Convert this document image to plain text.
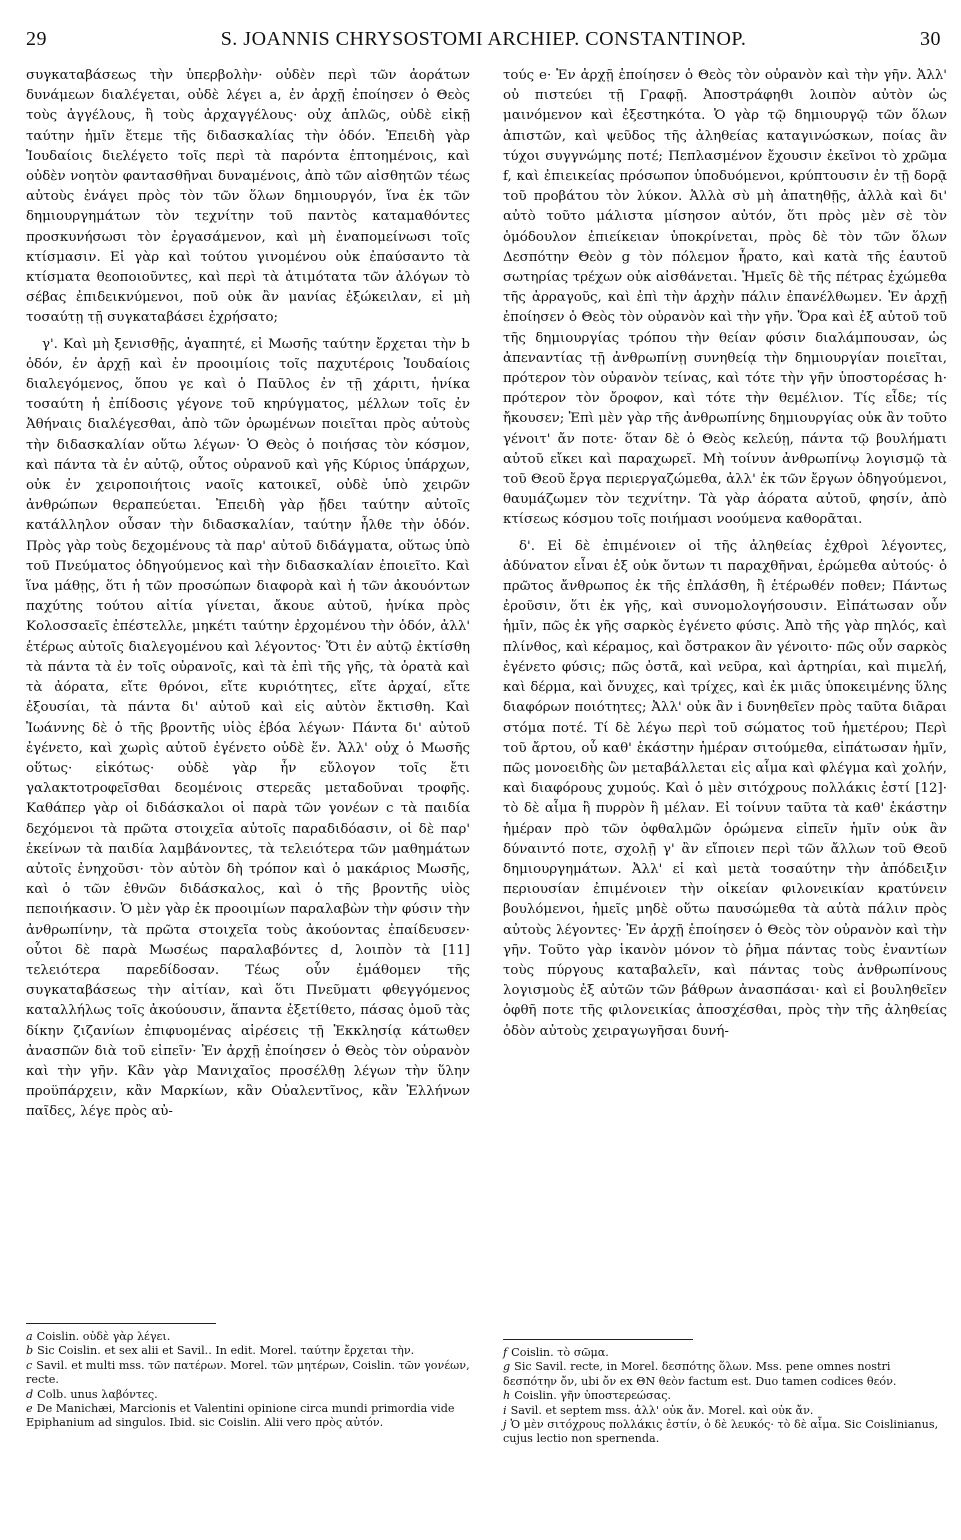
29	S. JOANNIS CHRYSOSTOMI ARCHIEP. CONSTANTINOP.	30

συγκαταβάσεως τὴν ὑπερβολὴν· οὐδὲν περὶ τῶν ἀοράτων δυνάμεων διαλέγεται, οὐδὲ λέγει a, ἐν ἀρχῇ ἐποίησεν ὁ Θεὸς τοὺς ἀγγέλους, ἢ τοὺς ἀρχαγγέλους· οὐχ ἁπλῶς, οὐδὲ εἰκῇ ταύτην ἡμῖν ἔτεμε τῆς διδασκαλίας τὴν ὁδόν. Ἐπειδὴ γὰρ Ἰουδαίοις διελέγετο τοῖς περὶ τὰ παρόντα ἐπτοημένοις, καὶ οὐδὲν νοητὸν φαντασθῆναι δυναμένοις, ἀπὸ τῶν αἰσθητῶν τέως αὐτοὺς ἐνάγει πρὸς τὸν τῶν ὅλων δημιουργόν, ἵνα ἐκ τῶν δημιουργημάτων τὸν τεχνίτην τοῦ παντὸς καταμαθόντες προσκυνήσωσι τὸν ἐργασάμενον, καὶ μὴ ἐναπομείνωσι τοῖς κτίσμασιν. Εἰ γὰρ καὶ τούτου γινομένου οὐκ ἐπαύσαντο τὰ κτίσματα θεοποιοῦντες, καὶ περὶ τὰ ἀτιμότατα τῶν ἀλόγων τὸ σέβας ἐπιδεικνύμενοι, ποῦ οὐκ ἂν μανίας ἐξώκειλαν, εἰ μὴ τοσαύτῃ τῇ συγκαταβάσει ἐχρήσατο;

γ'. Καὶ μὴ ξενισθῇς, ἀγαπητέ, εἰ Μωσῆς ταύτην ἔρχεται τὴν b ὁδόν, ἐν ἀρχῇ καὶ ἐν προοιμίοις τοῖς παχυτέροις Ἰουδαίοις διαλεγόμενος, ὅπου γε καὶ ὁ Παῦλος ἐν τῇ χάριτι, ἡνίκα τοσαύτη ἡ ἐπίδοσις γέγονε τοῦ κηρύγματος, μέλλων τοῖς ἐν Ἀθήναις διαλέγεσθαι, ἀπὸ τῶν ὁρωμένων ποιεῖται πρὸς αὐτοὺς τὴν διδασκαλίαν οὕτω λέγων· Ὁ Θεὸς ὁ ποιήσας τὸν κόσμον, καὶ πάντα τὰ ἐν αὐτῷ, οὗτος οὐρανοῦ καὶ γῆς Κύριος ὑπάρχων, οὐκ ἐν χειροποιήτοις ναοῖς κατοικεῖ, οὐδὲ ὑπὸ χειρῶν ἀνθρώπων θεραπεύεται. Ἐπειδὴ γὰρ ᾔδει ταύτην αὐτοῖς κατάλληλον οὖσαν τὴν διδασκαλίαν, ταύτην ἦλθε τὴν ὁδόν. Πρὸς γὰρ τοὺς δεχομένους τὰ παρ' αὐτοῦ διδάγματα, οὕτως ὑπὸ τοῦ Πνεύματος ὁδηγούμενος καὶ τὴν διδασκαλίαν ἐποιεῖτο. Καὶ ἵνα μάθῃς, ὅτι ἡ τῶν προσώπων διαφορὰ καὶ ἡ τῶν ἀκουόντων παχύτης τούτου αἰτία γίνεται, ἄκουε αὐτοῦ, ἡνίκα πρὸς Κολοσσαεῖς ἐπέστελλε, μηκέτι ταύτην ἐρχομένου τὴν ὁδόν, ἀλλ' ἑτέρως αὐτοῖς διαλεγομένου καὶ λέγοντος· Ὅτι ἐν αὐτῷ ἐκτίσθη τὰ πάντα τὰ ἐν τοῖς οὐρανοῖς, καὶ τὰ ἐπὶ τῆς γῆς, τὰ ὁρατὰ καὶ τὰ ἀόρατα, εἴτε θρόνοι, εἴτε κυριότητες, εἴτε ἀρχαί, εἴτε ἐξουσίαι, τὰ πάντα δι' αὐτοῦ καὶ εἰς αὐτὸν ἔκτισθη. Καὶ Ἰωάννης δὲ ὁ τῆς βροντῆς υἱὸς ἐβόα λέγων· Πάντα δι' αὐτοῦ ἐγένετο, καὶ χωρὶς αὐτοῦ ἐγένετο οὐδὲ ἕν. Ἀλλ' οὐχ ὁ Μωσῆς οὕτως· εἰκότως· οὐδὲ γὰρ ἦν εὔλογον τοῖς ἔτι γαλακτοτροφεῖσθαι δεομένοις στερεᾶς μεταδοῦναι τροφῆς. Καθάπερ γὰρ οἱ διδάσκαλοι οἱ παρὰ τῶν γονέων c τὰ παιδία δεχόμενοι τὰ πρῶτα στοιχεῖα αὐτοῖς παραδιδόασιν, οἱ δὲ παρ' ἐκείνων τὰ παιδία λαμβάνοντες, τὰ τελειότερα τῶν μαθημάτων αὐτοῖς ἐνηχοῦσι· τὸν αὐτὸν δὴ τρόπον καὶ ὁ μακάριος Μωσῆς, καὶ ὁ τῶν ἐθνῶν διδάσκαλος, καὶ ὁ τῆς βροντῆς υἱὸς πεποιήκασιν. Ὁ μὲν γὰρ ἐκ προοιμίων παραλαβὼν τὴν φύσιν τὴν ἀνθρωπίνην, τὰ πρῶτα στοιχεῖα τοὺς ἀκούοντας ἐπαίδευσεν· οὗτοι δὲ παρὰ Μωσέως παραλαβόντες d, λοιπὸν τὰ [11] τελειότερα παρεδίδοσαν. Τέως οὖν ἐμάθομεν τῆς συγκαταβάσεως τὴν αἰτίαν, καὶ ὅτι Πνεῦματι φθεγγόμενος καταλλήλως τοῖς ἀκούουσιν, ἅπαντα ἐξετίθετο, πάσας ὁμοῦ τὰς δίκην ζιζανίων ἐπιφυομένας αἱρέσεις τῇ Ἐκκλησίᾳ κάτωθεν ἀνασπῶν διὰ τοῦ εἰπεῖν· Ἐν ἀρχῇ ἐποίησεν ὁ Θεὸς τὸν οὐρανὸν καὶ τὴν γῆν. Κἂν γὰρ Μανιχαῖος προσέλθῃ λέγων τὴν ὕλην προϋπάρχειν, κἂν Μαρκίων, κἂν Οὐαλεντῖνος, κἂν Ἑλλήνων παῖδες, λέγε πρὸς αὐ-

τούς e· Ἐν ἀρχῇ ἐποίησεν ὁ Θεὸς τὸν οὐρανὸν καὶ τὴν γῆν. Ἀλλ' οὐ πιστεύει τῇ Γραφῇ. Ἀποστράφηθι λοιπὸν αὐτὸν ὡς μαινόμενον καὶ ἐξεστηκότα. Ὁ γὰρ τῷ δημιουργῷ τῶν ὅλων ἀπιστῶν, καὶ ψεῦδος τῆς ἀληθείας καταγινώσκων, ποίας ἂν τύχοι συγγνώμης ποτέ; Πεπλασμένον ἔχουσιν ἐκεῖνοι τὸ χρῶμα f, καὶ ἐπιεικείας πρόσωπον ὑποδυόμενοι, κρύπτουσιν ἐν τῇ δορᾷ τοῦ προβάτου τὸν λύκον. Ἀλλὰ σὺ μὴ ἀπατηθῇς, ἀλλὰ καὶ δι' αὐτὸ τοῦτο μάλιστα μίσησον αὐτόν, ὅτι πρὸς μὲν σὲ τὸν ὁμόδουλον ἐπιείκειαν ὑποκρίνεται, πρὸς δὲ τὸν τῶν ὅλων Δεσπότην Θεὸν g τὸν πόλεμον ἦρατο, καὶ κατὰ τῆς ἑαυτοῦ σωτηρίας τρέχων οὐκ αἰσθάνεται. Ἡμεῖς δὲ τῆς πέτρας ἐχώμεθα τῆς ἀρραγοῦς, καὶ ἐπὶ τὴν ἀρχὴν πάλιν ἐπανέλθωμεν. Ἐν ἀρχῇ ἐποίησεν ὁ Θεὸς τὸν οὐρανὸν καὶ τὴν γῆν. Ὅρα καὶ ἐξ αὐτοῦ τοῦ τῆς δημιουργίας τρόπου τὴν θείαν φύσιν διαλάμπουσαν, ὡς ἀπεναντίας τῇ ἀνθρωπίνῃ συνηθείᾳ τὴν δημιουργίαν ποιεῖται, πρότερον τὸν οὐρανὸν τείνας, καὶ τότε τὴν γῆν ὑποστορέσας h· πρότερον τὸν ὄροφον, καὶ τότε τὴν θεμέλιον. Τίς εἶδε; τίς ἤκουσεν; Ἐπὶ μὲν γὰρ τῆς ἀνθρωπίνης δημιουργίας οὐκ ἂν τοῦτο γένοιτ' ἄν ποτε· ὅταν δὲ ὁ Θεὸς κελεύῃ, πάντα τῷ βουλήματι αὐτοῦ εἴκει καὶ παραχωρεῖ. Μὴ τοίνυν ἀνθρωπίνῳ λογισμῷ τὰ τοῦ Θεοῦ ἔργα περιεργαζώμεθα, ἀλλ' ἐκ τῶν ἔργων ὁδηγούμενοι, θαυμάζωμεν τὸν τεχνίτην. Τὰ γὰρ ἀόρατα αὐτοῦ, φησίν, ἀπὸ κτίσεως κόσμου τοῖς ποιήμασι νοούμενα καθορᾶται.

δ'. Εἰ δὲ ἐπιμένοιεν οἱ τῆς ἀληθείας ἐχθροὶ λέγοντες, ἀδύνατον εἶναι ἐξ οὐκ ὄντων τι παραχθῆναι, ἐρώμεθα αὐτούς· ὁ πρῶτος ἄνθρωπος ἐκ τῆς ἐπλάσθη, ἢ ἑτέρωθέν ποθεν; Πάντως ἐροῦσιν, ὅτι ἐκ γῆς, καὶ συνομολογήσουσιν. Εἰπάτωσαν οὖν ἡμῖν, πῶς ἐκ γῆς σαρκὸς ἐγένετο φύσις. Ἀπὸ τῆς γὰρ πηλός, καὶ πλίνθος, καὶ κέραμος, καὶ ὄστρακον ἂν γένοιτο· πῶς οὖν σαρκὸς ἐγένετο φύσις; πῶς ὀστᾶ, καὶ νεῦρα, καὶ ἀρτηρίαι, καὶ πιμελή, καὶ δέρμα, καὶ ὄνυχες, καὶ τρίχες, καὶ ἐκ μιᾶς ὑποκειμένης ὕλης διαφόρων ποιότητες; Ἀλλ' οὐκ ἂν i δυνηθεῖεν πρὸς ταῦτα διᾶραι στόμα ποτέ. Τί δὲ λέγω περὶ τοῦ σώματος τοῦ ἡμετέρου; Περὶ τοῦ ἄρτου, οὗ καθ' ἑκάστην ἡμέραν σιτούμεθα, εἰπάτωσαν ἡμῖν, πῶς μονοειδὴς ὢν μεταβάλλεται εἰς αἷμα καὶ φλέγμα καὶ χολήν, καὶ διαφόρους χυμούς. Καὶ ὁ μὲν σιτόχρους πολλάκις ἐστί [12]· τὸ δὲ αἷμα ἢ πυρρὸν ἢ μέλαν. Εἰ τοίνυν ταῦτα τὰ καθ' ἑκάστην ἡμέραν πρὸ τῶν ὀφθαλμῶν ὁρώμενα εἰπεῖν ἡμῖν οὐκ ἂν δύναιντό ποτε, σχολῇ γ' ἂν εἴποιεν περὶ τῶν ἄλλων τοῦ Θεοῦ δημιουργημάτων. Ἀλλ' εἰ καὶ μετὰ τοσαύτην τὴν ἀπόδειξιν περιουσίαν ἐπιμένοιεν τὴν οἰκείαν φιλονεικίαν κρατύνειν βουλόμενοι, ἡμεῖς μηδὲ οὕτω παυσώμεθα τὰ αὐτὰ πάλιν πρὸς αὐτοὺς λέγοντες· Ἐν ἀρχῇ ἐποίησεν ὁ Θεὸς τὸν οὐρανὸν καὶ τὴν γῆν. Τοῦτο γὰρ ἱκανὸν μόνον τὸ ῥῆμα πάντας τοὺς ἐναντίων τοὺς πύργους καταβαλεῖν, καὶ πάντας τοὺς ἀνθρωπίνους λογισμοὺς ἐξ αὐτῶν τῶν βάθρων ἀνασπάσαι· καὶ εἰ βουληθεῖεν ὀφθῆ ποτε τῆς φιλονεικίας ἀποσχέσθαι, πρὸς τὴν τῆς ἀληθείας ὁδὸν αὐτοὺς χειραγωγῆσαι δυνή-

a Coislin. οὐδὲ γὰρ λέγει.
b Sic Coislin. et sex alii et Savil.. In edit. Morel. ταύτην ἔρχεται τὴν.
c Savil. et multi mss. τῶν πατέρων. Morel. τῶν μητέρων, Coislin. τῶν γονέων, recte.
d Colb. unus λαβόντες.
e De Manichæi, Marcionis et Valentini opinione circa mundi primordia vide Epiphanium ad singulos. Ibid. sic Coislin. Alii vero πρὸς αὐτόν.
f Coislin. τὸ σῶμα.
g Sic Savil. recte, in Morel. δεσπότης ὅλων. Mss. pene omnes nostri δεσπότην ὄν, ubi ὄν ex ΘΝ θεὸν factum est. Duo tamen codices θεόν.
h Coislin. γῆν ὑποστερεώσας.
i Savil. et septem mss. ἀλλ' οὐκ ἄν. Morel. καὶ οὐκ ἄν.
j Ὁ μὲν σιτόχρους πολλάκις ἐστίν, ὁ δὲ λευκός· τὸ δὲ αἷμα. Sic Coislinianus, cujus lectio non spernenda.
